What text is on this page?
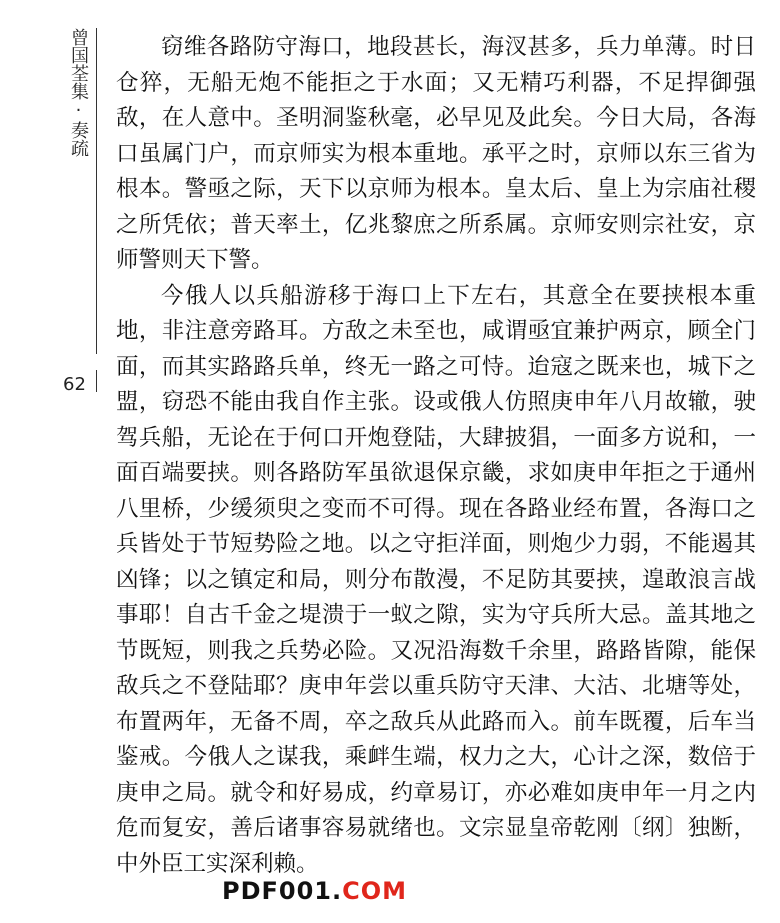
曾国荃集·奏疏
62

窃维各路防守海口，地段甚长，海汊甚多，兵力单薄。时日仓猝，无船无炮不能拒之于水面；又无精巧利器，不足捍御强敌，在人意中。圣明洞鉴秋毫，必早见及此矣。今日大局，各海口虽属门户，而京师实为根本重地。承平之时，京师以东三省为根本。警亟之际，天下以京师为根本。皇太后、皇上为宗庙社稷之所凭依；普天率土，亿兆黎庶之所系属。京师安则宗社安，京师警则天下警。

今俄人以兵船游移于海口上下左右，其意全在要挟根本重地，非注意旁路耳。方敌之未至也，咸谓亟宜兼护两京，顾全门面，而其实路路兵单，终无一路之可恃。迨寇之既来也，城下之盟，窃恐不能由我自作主张。设或俄人仿照庚申年八月故辙，驶驾兵船，无论在于何口开炮登陆，大肆披猖，一面多方说和，一面百端要挟。则各路防军虽欲退保京畿，求如庚申年拒之于通州八里桥，少缓须臾之变而不可得。现在各路业经布置，各海口之兵皆处于节短势险之地。以之守拒洋面，则炮少力弱，不能遏其凶锋；以之镇定和局，则分布散漫，不足防其要挟，遑敢浪言战事耶！自古千金之堤溃于一蚁之隙，实为守兵所大忌。盖其地之节既短，则我之兵势必险。又况沿海数千余里，路路皆隙，能保敌兵之不登陆耶？庚申年尝以重兵防守天津、大沽、北塘等处，布置两年，无备不周，卒之敌兵从此路而入。前车既覆，后车当鉴戒。今俄人之谋我，乘衅生端，权力之大，心计之深，数倍于庚申之局。就令和好易成，约章易订，亦必难如庚申年一月之内危而复安，善后诸事容易就绪也。文宗显皇帝乾刚〔纲〕独断，中外臣工实深利赖。

PDF001.COM
